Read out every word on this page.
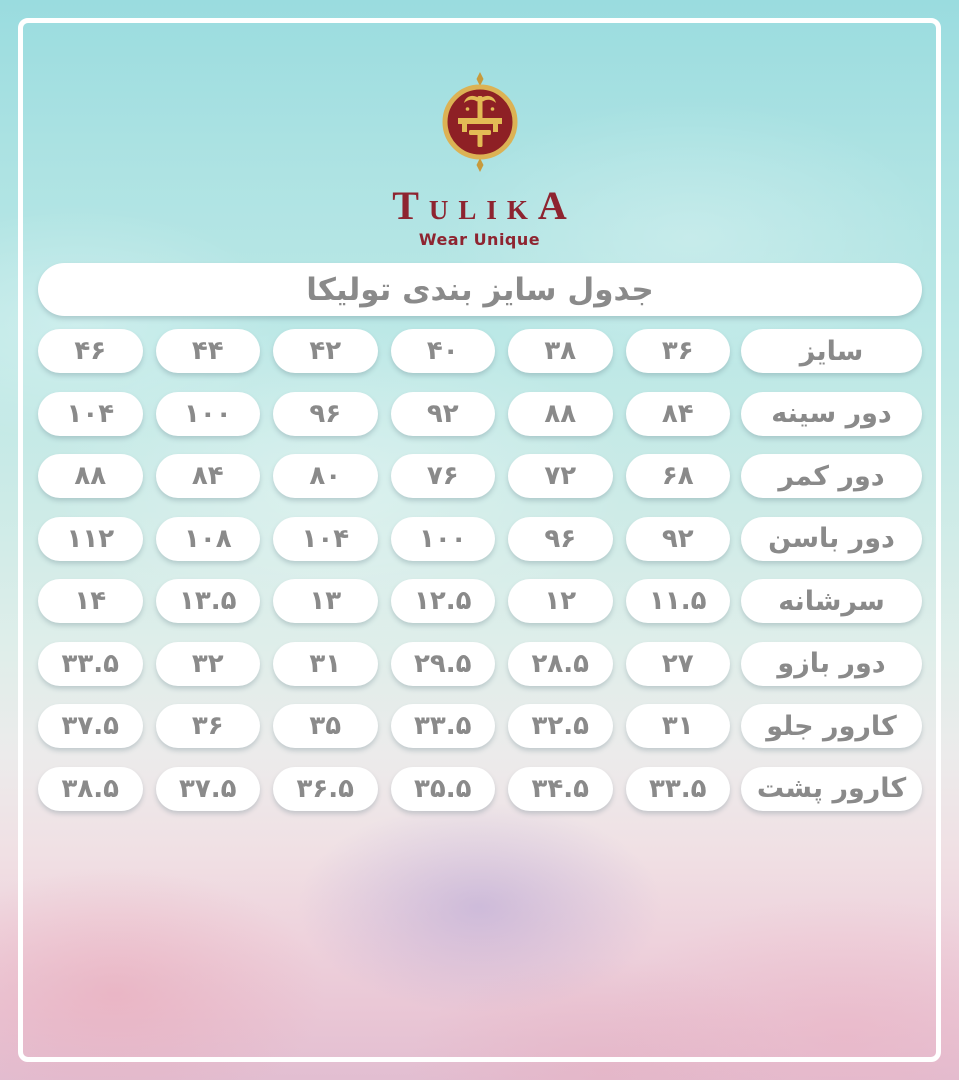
TULIKA
Wear Unique
جدول سایز بندی تولیکا
سایز
۳۶
۳۸
۴۰
۴۲
۴۴
۴۶
دور سینه
۸۴
۸۸
۹۲
۹۶
۱۰۰
۱۰۴
دور کمر
۶۸
۷۲
۷۶
۸۰
۸۴
۸۸
دور باسن
۹۲
۹۶
۱۰۰
۱۰۴
۱۰۸
۱۱۲
سرشانه
۱۱.۵
۱۲
۱۲.۵
۱۳
۱۳.۵
۱۴
دور بازو
۲۷
۲۸.۵
۲۹.۵
۳۱
۳۲
۳۳.۵
کارور جلو
۳۱
۳۲.۵
۳۳.۵
۳۵
۳۶
۳۷.۵
کارور پشت
۳۳.۵
۳۴.۵
۳۵.۵
۳۶.۵
۳۷.۵
۳۸.۵
